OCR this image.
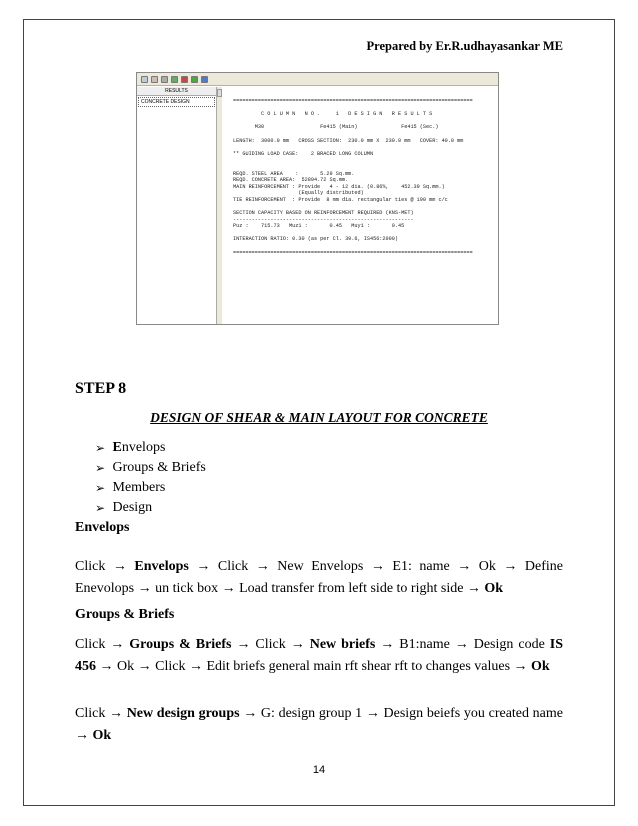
Prepared by Er.R.udhayasankar ME
RESULTS
CONCRETE DESIGN	=============================================================================
C O L U M N   N O .     1   D E S I G N   R E S U L T S
M30                  Fe415 (Main)              Fe415 (Sec.)
LENGTH:  3000.0 mm   CROSS SECTION:  230.0 mm X  230.0 mm   COVER: 40.0 mm
** GUIDING LOAD CASE:    2 BRACED LONG COLUMN
REQD. STEEL AREA    :       5.29 Sq.mm.
REQD. CONCRETE AREA:  52894.72 Sq.mm.
MAIN REINFORCEMENT : Provide   4 - 12 dia. (0.86%,    452.39 Sq.mm.)
(Equally distributed)
TIE REINFORCEMENT  : Provide  8 mm dia. rectangular ties @ 190 mm c/c
SECTION CAPACITY BASED ON REINFORCEMENT REQUIRED (KNS-MET)
----------------------------------------------------------
Puz :    715.73   Muz1 :       0.45   Muy1 :       0.45
INTERACTION RATIO: 0.30 (as per Cl. 39.6, IS456:2000)
=============================================================================
STEP 8
DESIGN OF SHEAR & MAIN LAYOUT FOR CONCRETE
➢
E nvelops
➢
Groups & Briefs
➢
Members
➢
Design
Envelops

Click → Envelops → Click → New Envelops → E1: name → Ok → Define Enevolops → un tick box → Load transfer from left side to right side → Ok

Groups & Briefs

Click → Groups & Briefs → Click → New briefs → B1:name → Design code IS 456 → Ok → Click → Edit briefs general main rft shear rft to changes values → Ok

Click → New design groups → G: design group 1 → Design beiefs you created name → Ok

14
